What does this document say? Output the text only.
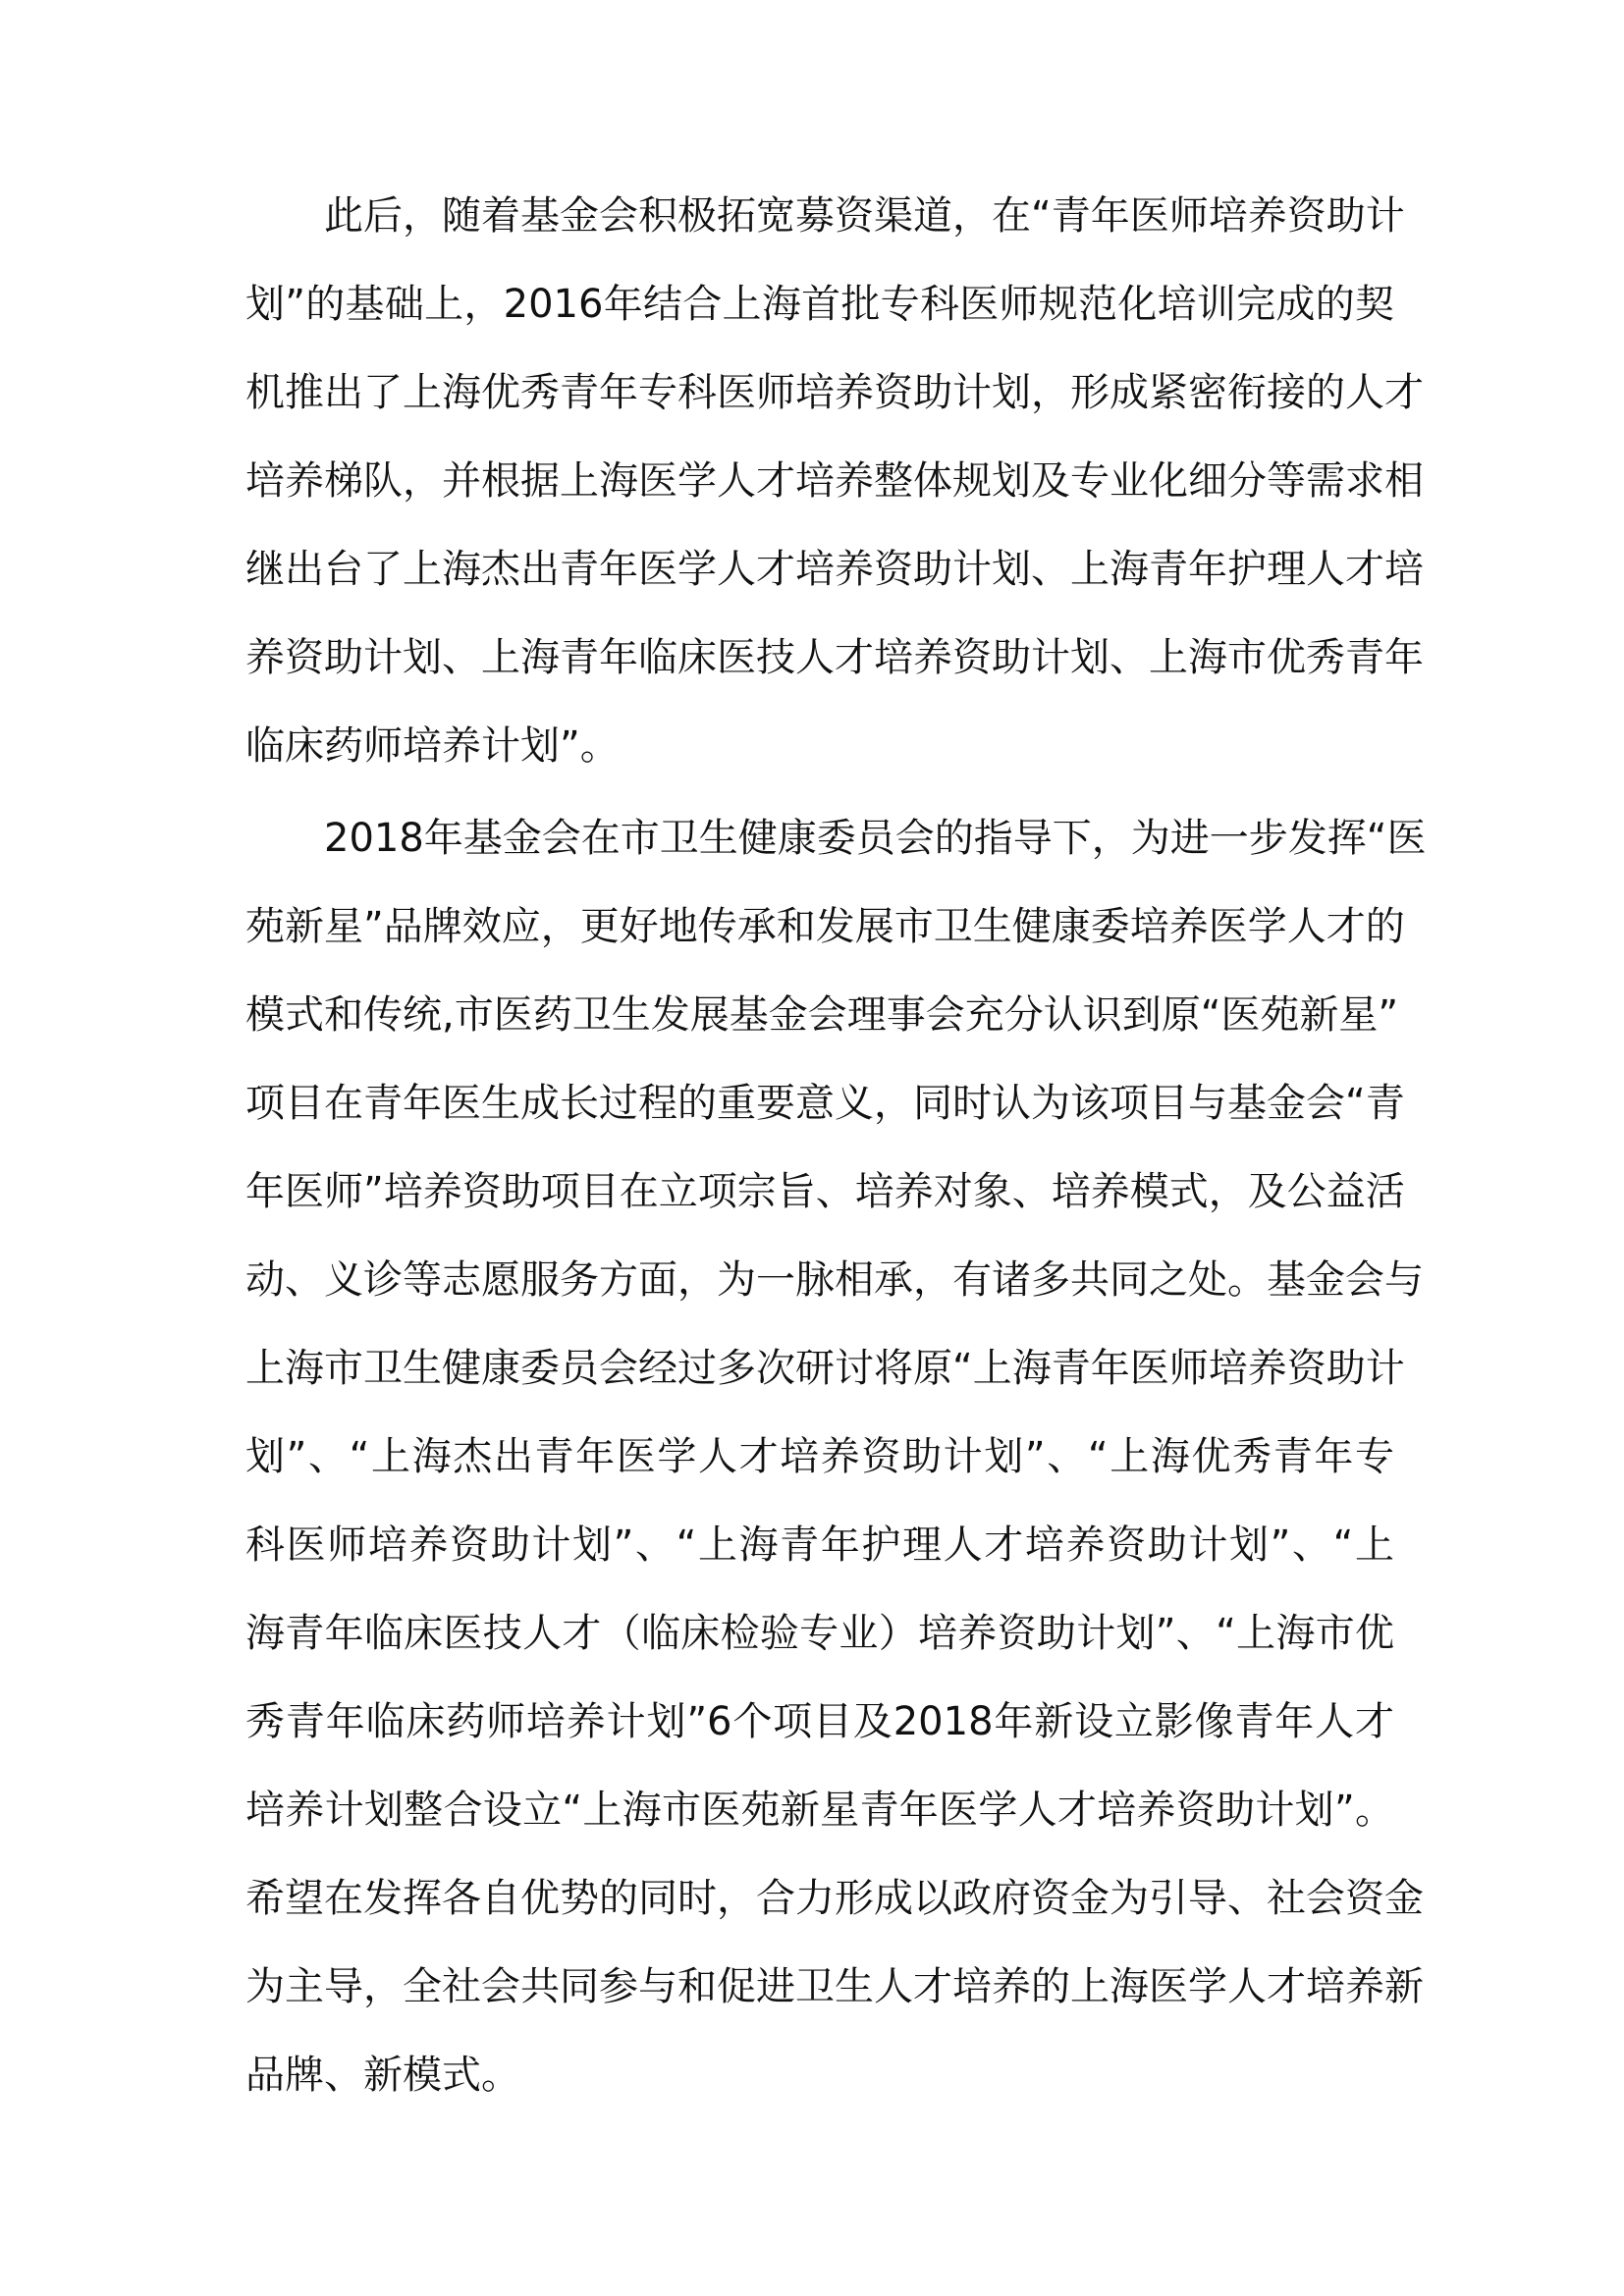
此后，随着基金会积极拓宽募资渠道，在“青年医师培养资助计
划”的基础上，2016年结合上海首批专科医师规范化培训完成的契
机推出了上海优秀青年专科医师培养资助计划，形成紧密衔接的人才
培养梯队，并根据上海医学人才培养整体规划及专业化细分等需求相
继出台了上海杰出青年医学人才培养资助计划、上海青年护理人才培
养资助计划、上海青年临床医技人才培养资助计划、上海市优秀青年
临床药师培养计划”。
2018年基金会在市卫生健康委员会的指导下，为进一步发挥“医
苑新星”品牌效应，更好地传承和发展市卫生健康委培养医学人才的
模式和传统,市医药卫生发展基金会理事会充分认识到原“医苑新星”
项目在青年医生成长过程的重要意义，同时认为该项目与基金会“青
年医师”培养资助项目在立项宗旨、培养对象、培养模式，及公益活
动、义诊等志愿服务方面，为一脉相承，有诸多共同之处。基金会与
上海市卫生健康委员会经过多次研讨将原“上海青年医师培养资助计
划”、“上海杰出青年医学人才培养资助计划”、“上海优秀青年专
科医师培养资助计划”、“上海青年护理人才培养资助计划”、“上
海青年临床医技人才（临床检验专业）培养资助计划”、“上海市优
秀青年临床药师培养计划”6个项目及2018年新设立影像青年人才
培养计划整合设立“上海市医苑新星青年医学人才培养资助计划”。
希望在发挥各自优势的同时，合力形成以政府资金为引导、社会资金
为主导，全社会共同参与和促进卫生人才培养的上海医学人才培养新
品牌、新模式。
